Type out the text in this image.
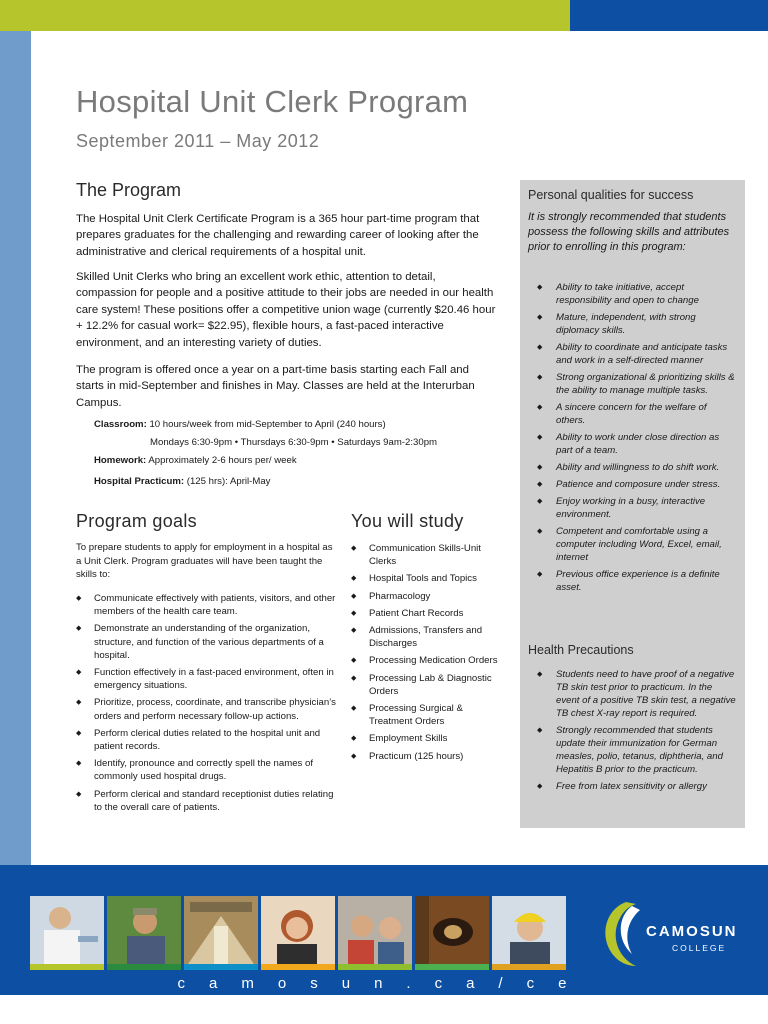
Hospital Unit Clerk Program
September 2011 – May 2012
The Program
The Hospital Unit Clerk Certificate Program is a 365 hour part-time program that prepares graduates for the challenging and rewarding career of looking after the administrative and clerical requirements of a hospital unit.
Skilled Unit Clerks who bring an excellent work ethic, attention to detail, compassion for people and a positive attitude to their jobs are needed in our health care system! These positions offer a competitive union wage (currently $20.46 hour + 12.2% for casual work= $22.95), flexible hours, a fast-paced interactive environment, and an interesting variety of duties.
The program is offered once a year on a part-time basis starting each Fall and starts in mid-September and finishes in May. Classes are held at the Interurban Campus.
Classroom: 10 hours/week from mid-September to April (240 hours)
Mondays 6:30-9pm • Thursdays 6:30-9pm • Saturdays 9am-2:30pm
Homework: Approximately 2-6 hours per/ week
Hospital Practicum: (125 hrs): April-May
Program goals
To prepare students to apply for employment in a hospital as a Unit Clerk. Program graduates will have been taught the skills to:
◆ Communicate effectively with patients, visitors, and other members of the health care team.
◆ Demonstrate an understanding of the organization, structure, and function of the various departments of a hospital.
◆ Function effectively in a fast-paced environment, often in emergency situations.
◆ Prioritize, process, coordinate, and transcribe physician’s orders and perform necessary follow-up actions.
◆ Perform clerical duties related to the hospital unit and patient records.
◆ Identify, pronounce and correctly spell the names of commonly used hospital drugs.
◆ Perform clerical and standard receptionist duties relating to the overall care of patients.
You will study
◆ Communication Skills-Unit Clerks
◆ Hospital Tools and Topics
◆ Pharmacology
◆ Patient Chart Records
◆ Admissions, Transfers and Discharges
◆ Processing Medication Orders
◆ Processing Lab & Diagnostic Orders
◆ Processing Surgical & Treatment Orders
◆ Employment Skills
◆ Practicum (125 hours)
Personal qualities for success
It is strongly recommended that students possess the following skills and attributes prior to enrolling in this program:
◆ Ability to take initiative, accept responsibility and open to change
◆ Mature, independent, with strong diplomacy skills.
◆ Ability to coordinate and anticipate tasks and work in a self-directed manner
◆ Strong organizational & prioritizing skills & the ability to manage multiple tasks.
◆ A sincere concern for the welfare of others.
◆ Ability to work under close direction as part of a team.
◆ Ability and willingness to do shift work.
◆ Patience and composure under stress.
◆ Enjoy working in a busy, interactive environment.
◆ Competent and comfortable using a computer including Word, Excel, email, internet
◆ Previous office experience is a definite asset.
Health Precautions
◆ Students need to have proof of a negative TB skin test prior to practicum. In the event of a positive TB skin test, a negative TB chest X-ray report is required.
◆ Strongly recommended that students update their immunization for German measles, polio, tetanus, diphtheria, and Hepatitis B prior to the practicum.
◆ Free from latex sensitivity or allergy
CAMOSUN
COLLEGE
camosun.ca/ce
